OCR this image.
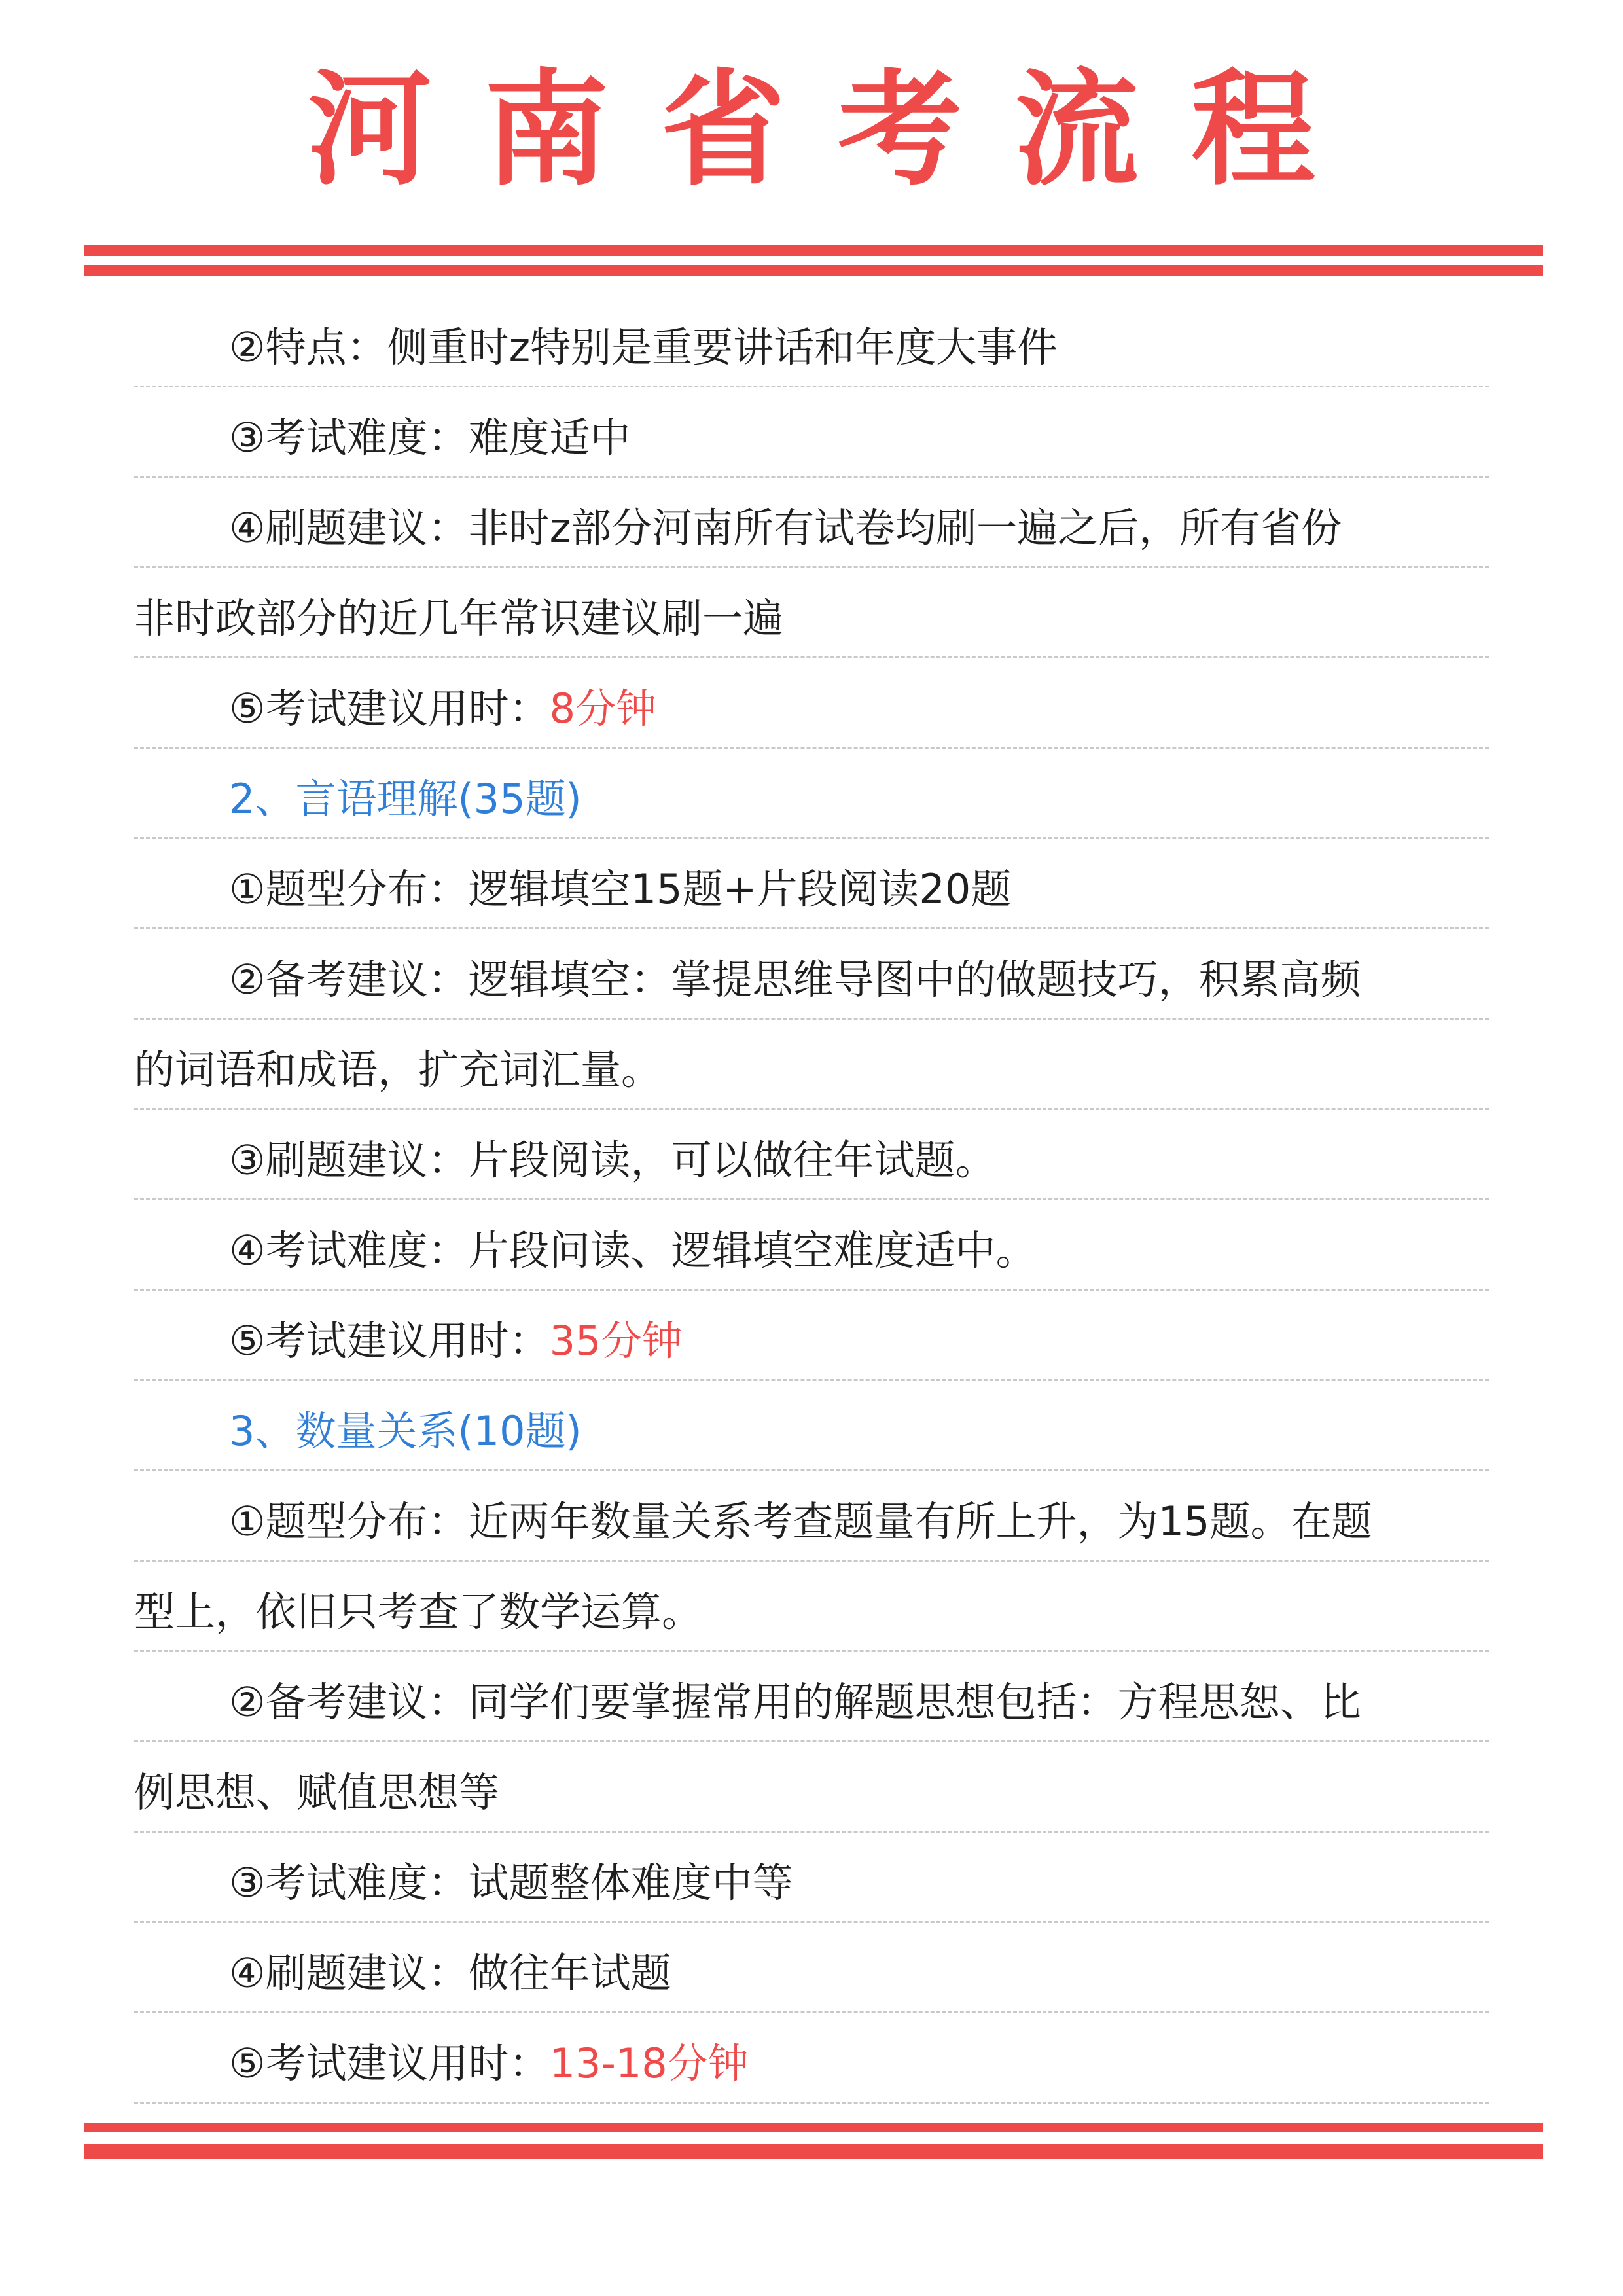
河南省考流程
②特点：侧重时z特别是重要讲话和年度大事件
③考试难度：难度适中
④刷题建议：非时z部分河南所有试卷均刷一遍之后，所有省份
非时政部分的近几年常识建议刷一遍
⑤考试建议用时：8分钟
2、言语理解(35题)
①题型分布：逻辑填空15题+片段阅读20题
②备考建议：逻辑填空：掌提思维导图中的做题技巧，积累高频
的词语和成语，扩充词汇量。
③刷题建议：片段阅读，可以做往年试题。
④考试难度：片段问读、逻辑填空难度适中。
⑤考试建议用时：35分钟
3、数量关系(10题)
①题型分布：近两年数量关系考查题量有所上升，为15题。在题
型上，依旧只考查了数学运算。
②备考建议：同学们要掌握常用的解题思想包括：方程思恕、比
例思想、赋值思想等
③考试难度：试题整体难度中等
④刷题建议：做往年试题
⑤考试建议用时：13-18分钟
